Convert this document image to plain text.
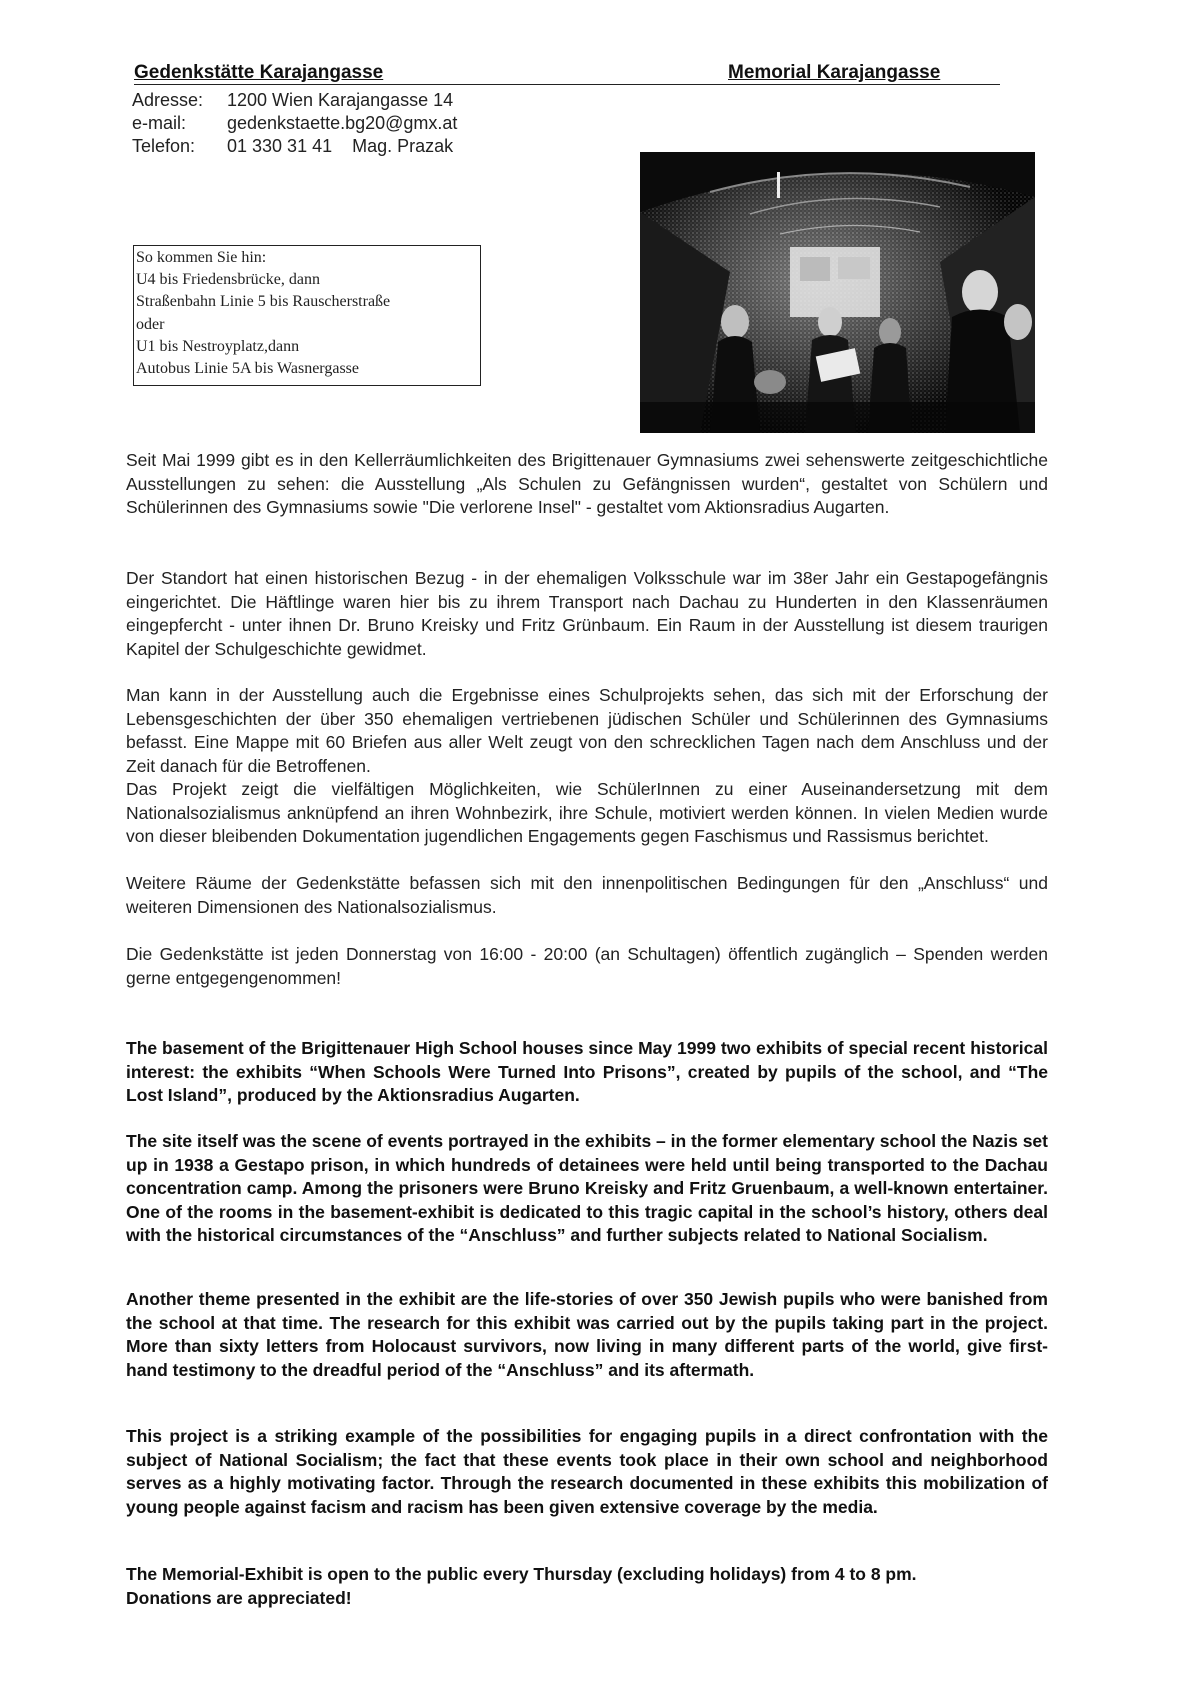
Gedenkstätte Karajangasse	Memorial Karajangasse
Adresse:	1200 Wien Karajangasse 14
e-mail:	gedenkstaette.bg20@gmx.at
Telefon:	01 330 31 41 Mag. Prazak
So kommen Sie hin:
U4 bis Friedensbrücke, dann
Straßenbahn Linie 5 bis Rauscherstraße
oder
U1 bis Nestroyplatz,dann
Autobus Linie 5A bis Wasnergasse

Seit Mai 1999 gibt es in den Kellerräumlichkeiten des Brigittenauer Gymnasiums zwei sehenswerte zeitgeschichtliche Ausstellungen zu sehen: die Ausstellung „Als Schulen zu Gefängnissen wurden“, gestaltet von Schülern und Schülerinnen des Gymnasiums sowie "Die verlorene Insel" - gestaltet vom Aktionsradius Augarten.

Der Standort hat einen historischen Bezug - in der ehemaligen Volksschule war im 38er Jahr ein Gestapogefängnis eingerichtet. Die Häftlinge waren hier bis zu ihrem Transport nach Dachau zu Hunderten in den Klassenräumen eingepfercht - unter ihnen Dr. Bruno Kreisky und Fritz Grünbaum. Ein Raum in der Ausstellung ist diesem traurigen Kapitel der Schulgeschichte gewidmet.

Man kann in der Ausstellung auch die Ergebnisse eines Schulprojekts sehen, das sich mit der Erforschung der Lebensgeschichten der über 350 ehemaligen vertriebenen jüdischen Schüler und Schülerinnen des Gymnasiums befasst. Eine Mappe mit 60 Briefen aus aller Welt zeugt von den schrecklichen Tagen nach dem Anschluss und der Zeit danach für die Betroffenen.

Das Projekt zeigt die vielfältigen Möglichkeiten, wie SchülerInnen zu einer Auseinandersetzung mit dem Nationalsozialismus anknüpfend an ihren Wohnbezirk, ihre Schule, motiviert werden können. In vielen Medien wurde von dieser bleibenden Dokumentation jugendlichen Engagements gegen Faschismus und Rassismus berichtet.

Weitere Räume der Gedenkstätte befassen sich mit den innenpolitischen Bedingungen für den „Anschluss“ und weiteren Dimensionen des Nationalsozialismus.

Die Gedenkstätte ist jeden Donnerstag von 16:00 - 20:00 (an Schultagen) öffentlich zugänglich – Spenden werden gerne entgegengenommen!

The basement of the Brigittenauer High School houses since May 1999 two exhibits of special recent historical interest: the exhibits “When Schools Were Turned Into Prisons”, created by pupils of the school, and “The Lost Island”, produced by the Aktionsradius Augarten.

The site itself was the scene of events portrayed in the exhibits – in the former elementary school the Nazis set up in 1938 a Gestapo prison, in which hundreds of detainees were held until being transported to the Dachau concentration camp. Among the prisoners were Bruno Kreisky and Fritz Gruenbaum, a well-known entertainer. One of the rooms in the basement-exhibit is dedicated to this tragic capital in the school’s history, others deal with the historical circumstances of the “Anschluss” and further subjects related to National Socialism.

Another theme presented in the exhibit are the life-stories of over 350 Jewish pupils who were banished from the school at that time. The research for this exhibit was carried out by the pupils taking part in the project. More than sixty letters from Holocaust survivors, now living in many different parts of the world, give first-hand testimony to the dreadful period of the “Anschluss” and its aftermath.

This project is a striking example of the possibilities for engaging pupils in a direct confrontation with the subject of National Socialism; the fact that these events took place in their own school and neighborhood serves as a highly motivating factor. Through the research documented in these exhibits this mobilization of young people against facism and racism has been given extensive coverage by the media.

The Memorial-Exhibit is open to the public every Thursday (excluding holidays) from 4 to 8 pm.
Donations are appreciated!
